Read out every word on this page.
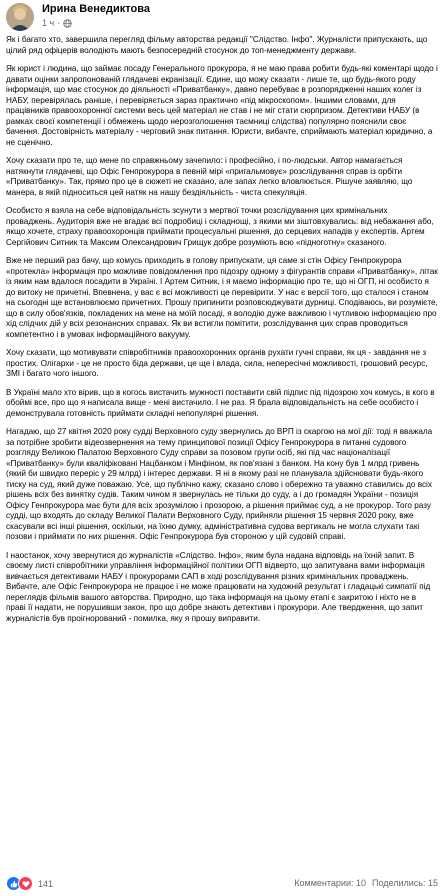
Ирина Венедиктова
1 ч ·

Як і багато хто, завершила перегляд фільму авторства редакції "Слідство. Інфо". Журналісти припускають, що цілий ряд офіцерів володіють мають безпосередній стосунок до топ-менеджменту держави.

Як юрист і людина, що займає посаду Генерального прокурора, я не маю права робити будь-які коментарі щодо і давати оцінки запропонованій глядачеві екранізації. Єдине, що можу сказати - лише те, що будь-якого роду інформація, що має стосунок до діяльності «Приватбанку», давно перебуває в розпорядженні наших колег із НАБУ, перевірялась раніше, і перевіряється зараз практично «під мікроскопом». Іншими словами, для працівників правоохоронної системи весь цей матеріал не став і не міг стати сюрпризом. Детективи НАБУ (в рамках своєї компетенції і обмежень щодо нерозголошення таємниці слідства) популярно пояснили своє бачення. Достовірність матеріалу - черговий знак питання. Юристи, вибачте, сприймають матеріал юридично, а не сценічно.

Хочу сказати про те, що мене по справжньому зачепило: і професійно, і по-людськи. Автор намагається натякнути глядачеві, що Офіс Генпрокурора в певній мірі «пригальмовує» розслідування справ із орбіти «Приватбанку». Так, прямо про це в сюжеті не сказано, але запах легко вловлюється. Рішуче заявляю, що манера, в якій підноситься цей натяк на нашу бездіяльність - чиста спекуляція.

Особисто я взяла на себе відповідальність зсунути з мертвої точки розслідування цих кримінальних проваджень. Аудиторія вже не вгадає всі подробиці і складнощі, з якими ми зіштовхувались: від небажання або, якщо хочете, страху правоохоронців приймати процесуальні рішення, до серцевих нападів у експертів. Артем Сергійович Ситник та Максим Олександрович Грищук добре розуміють всю «підноготну» сказаного.

Вже не перший раз бачу, що комусь приходить в голову припускати, ця саме зі стін Офісу Генпрокурора «протекла» інформація про можливе повідомлення про підозру одному з фігурантів справи «Приватбанку», літак із яким нам вдалося посадити в Україні. І Артем Ситник, і я маємо інформацію про те, що ні ОГП, ні особисто я до витоку не причетні. Впевнена, у вас є всі можливості це перевірити. У нас є версії того, що сталося і станом на сьогодні ще встановлюємо причетних. Прошу припинити розповсюджувати дурниці. Сподіваюсь, ви розумієте, що в силу обов'язків, покладених на мене на моїй посаді, я володію дуже важливою і чутливою інформацією про хід слідчих дій у всіх резонансних справах. Як ви встигли помітити, розслідування цих справ проводиться компетентно і в умовах інформаційного вакууму.

Хочу сказати, що мотивувати співробітників правоохоронних органів рухати гучні справи, як ця - завдання не з простих. Олігархи - це не просто бідa держави, це ще і влада, сила, непересічні можливості, грошовий ресурс, ЗМІ і багато чого іншого.

В Україні мало хто вірив, що в когось вистачить мужності поставити свій підпис під підозрою хоч комусь, в кого в обоймі все, про що я написала вище - мені вистачило. І не раз. Я брала відповідальність на себе особисто і демонструвала готовність приймати складні непопулярні рішення.

Нагадаю, що 27 квітня 2020 року судді Верховного суду звернулись до ВРП із скаргою на мої дії: тоді я вважала за потрібне зробити відеозвернення на тему принципової позиції Офісу Генпрокурора в питанні судового розгляду Великою Палатою Верховного Суду справи за позовом групи осіб, які під час націоналізації «Приватбанку» були кваліфіковані Нацбанком і Мінфіном, як пов'язані з банком. На кону був 1 млрд гривень (який би швидко переріс у 29 млрд) і інтерес держави. Я ні в якому разі не планувала здійснювати будь-якого тиску на суд, який дуже поважаю. Усе, що публічно кажу, сказано слово і обережно та уважно ставились до всіх рішень всіх без винятку судів. Таким чином я звернулась не тільки до суду, а і до громадян України - позиція Офісу Генпрокурора має бути для всіх зрозумілою і прозорою, а рішення приймає суд, а не прокурор. Того разу судді, що входять до складу Великої Палати Верховного Суду, прийняли рішення 15 червня 2020 року, вже скасували всі інші рішення, оскільки, на їхню думку, адміністративна судова вертикаль не могла слухати такі позови і приймати по них рішення. Офіс Генпрокурора був стороною у цій судовій справі.

І наостанок, хочу звернутися до журналістів «Слідство. Інфо», яким була надана відповідь на їхній запит. В своєму листі співробітники управління інформаційної політики ОГП відверто, що запитувана вами інформація вивчається детективами НАБУ і прокурорами САП в ході розслідування різних кримінальних проваджень. Вибачте, але Офіс Генпрокурора не працює і не може працювати на художній результат і гладацькі симпатії під переглядів фільмів вашого авторства. Природно, що така інформація на цьому етапі є закритою і ніхто не в праві її надати, не порушивши закон, про що добре знають детективи і прокурори. Але твердження, що запит журналістів був проігнорований - помилка, яку я прошу виправити.

141	Комментарии: 10 Поделились: 15
